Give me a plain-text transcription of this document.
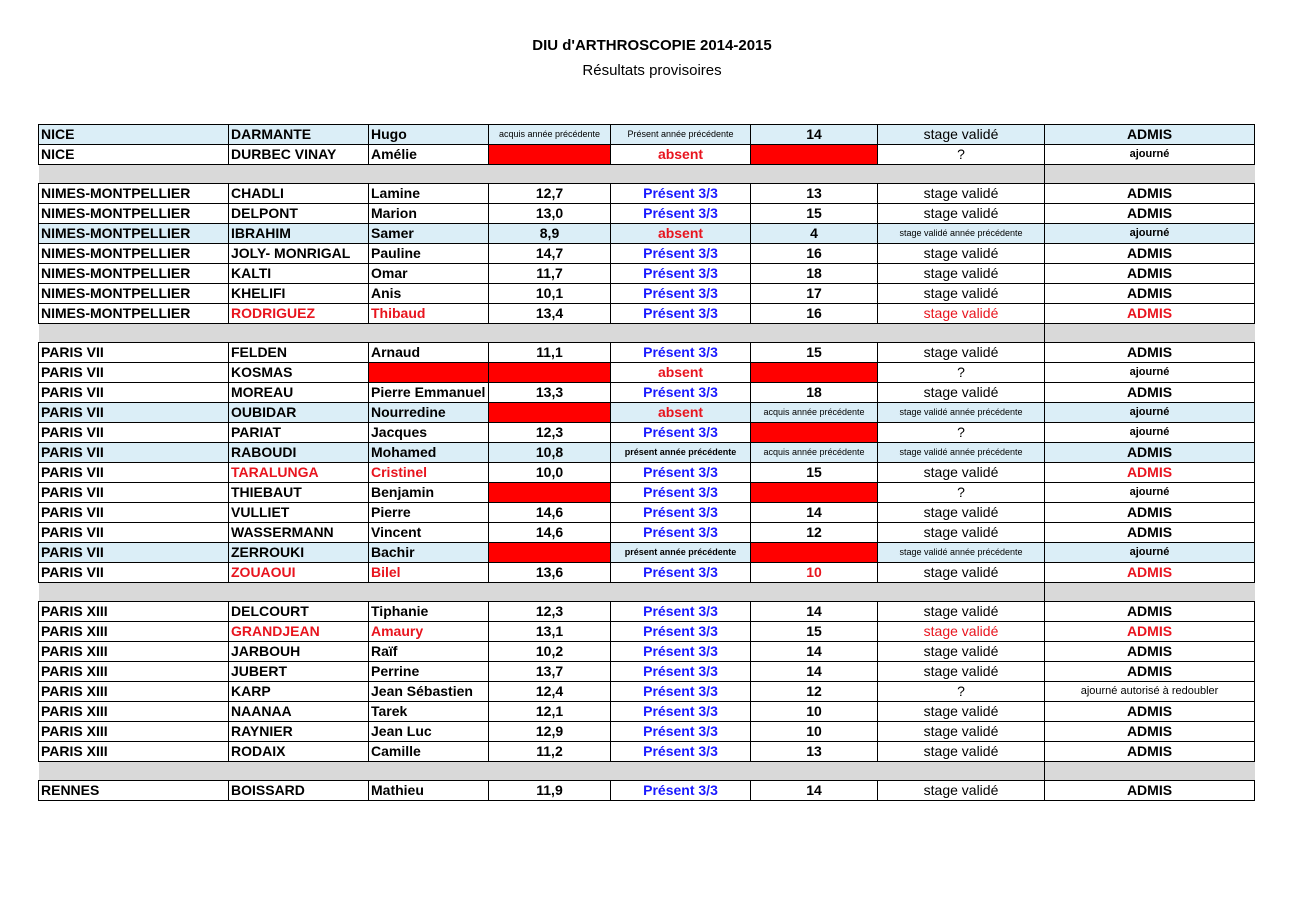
DIU d'ARTHROSCOPIE 2014-2015
Résultats provisoires
NICE	DARMANTE	Hugo	acquis année précédente	Présent année précédente	14	stage validé	ADMIS
NICE	DURBEC VINAY	Amélie		absent		?	ajourné

NIMES-MONTPELLIER	CHADLI	Lamine	12,7	Présent 3/3	13	stage validé	ADMIS
NIMES-MONTPELLIER	DELPONT	Marion	13,0	Présent 3/3	15	stage validé	ADMIS
NIMES-MONTPELLIER	IBRAHIM	Samer	8,9	absent	4	stage validé année précédente	ajourné
NIMES-MONTPELLIER	JOLY- MONRIGAL	Pauline	14,7	Présent 3/3	16	stage validé	ADMIS
NIMES-MONTPELLIER	KALTI	Omar	11,7	Présent 3/3	18	stage validé	ADMIS
NIMES-MONTPELLIER	KHELIFI	Anis	10,1	Présent 3/3	17	stage validé	ADMIS
NIMES-MONTPELLIER	RODRIGUEZ	Thibaud	13,4	Présent 3/3	16	stage validé	ADMIS

PARIS VII	FELDEN	Arnaud	11,1	Présent 3/3	15	stage validé	ADMIS
PARIS VII	KOSMAS			absent		?	ajourné
PARIS VII	MOREAU	Pierre Emmanuel	13,3	Présent 3/3	18	stage validé	ADMIS
PARIS VII	OUBIDAR	Nourredine		absent	acquis année précédente	stage validé année précédente	ajourné
PARIS VII	PARIAT	Jacques	12,3	Présent 3/3		?	ajourné
PARIS VII	RABOUDI	Mohamed	10,8	présent année précédente	acquis année précédente	stage validé année précédente	ADMIS
PARIS VII	TARALUNGA	Cristinel	10,0	Présent 3/3	15	stage validé	ADMIS
PARIS VII	THIEBAUT	Benjamin		Présent 3/3		?	ajourné
PARIS VII	VULLIET	Pierre	14,6	Présent 3/3	14	stage validé	ADMIS
PARIS VII	WASSERMANN	Vincent	14,6	Présent 3/3	12	stage validé	ADMIS
PARIS VII	ZERROUKI	Bachir		présent année précédente		stage validé année précédente	ajourné
PARIS VII	ZOUAOUI	Bilel	13,6	Présent 3/3	10	stage validé	ADMIS

PARIS XIII	DELCOURT	Tiphanie	12,3	Présent 3/3	14	stage validé	ADMIS
PARIS XIII	GRANDJEAN	Amaury	13,1	Présent 3/3	15	stage validé	ADMIS
PARIS XIII	JARBOUH	Raïf	10,2	Présent 3/3	14	stage validé	ADMIS
PARIS XIII	JUBERT	Perrine	13,7	Présent 3/3	14	stage validé	ADMIS
PARIS XIII	KARP	Jean Sébastien	12,4	Présent 3/3	12	?	ajourné autorisé à redoubler
PARIS XIII	NAANAA	Tarek	12,1	Présent 3/3	10	stage validé	ADMIS
PARIS XIII	RAYNIER	Jean Luc	12,9	Présent 3/3	10	stage validé	ADMIS
PARIS XIII	RODAIX	Camille	11,2	Présent 3/3	13	stage validé	ADMIS

RENNES	BOISSARD	Mathieu	11,9	Présent 3/3	14	stage validé	ADMIS
